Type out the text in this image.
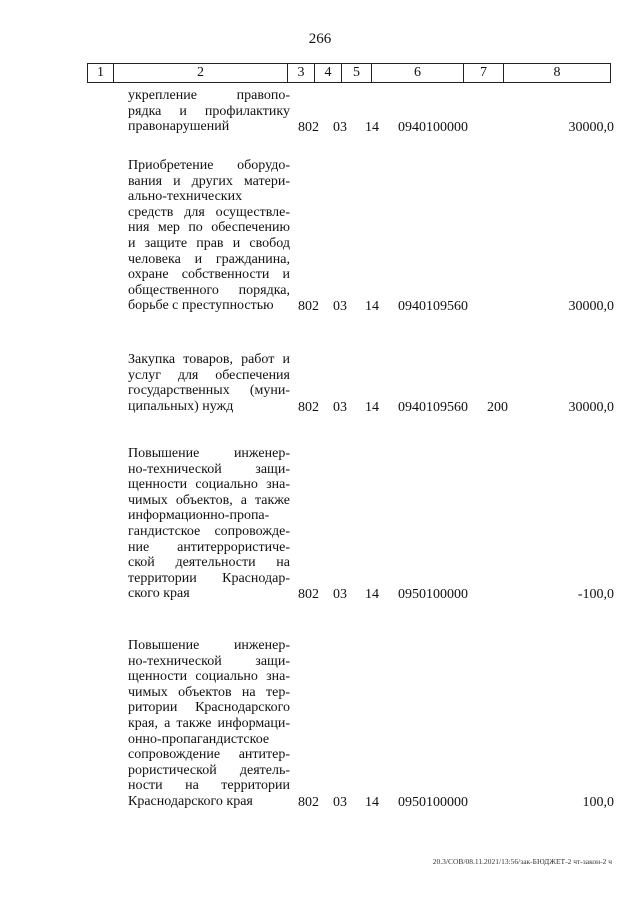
266
1	2	3	4	5	6	7	8
укрепление правопо-
рядка и профилактику
правонарушений	802 03 14 0940100000	30000,0
Приобретение оборудо-
вания и других матери-
ально-технических
средств для осуществле-
ния мер по обеспечению
и защите прав и свобод
человека и гражданина,
охране собственности и
общественного порядка,
борьбе с преступностью	802 03 14 0940109560	30000,0
Закупка товаров, работ и
услуг для обеспечения
государственных (муни-
ципальных) нужд	802 03 14 0940109560 200	30000,0
Повышение инженер-
но-технической защи-
щенности социально зна-
чимых объектов, а также
информационно-пропа-
гандистское сопровожде-
ние антитеррористиче-
ской деятельности на
территории Краснодар-
ского края	802 03 14 0950100000	-100,0
Повышение инженер-
но-технической защи-
щенности социально зна-
чимых объектов на тер-
ритории Краснодарского
края, а также информаци-
онно-пропагандистское
сопровождение антитер-
рористической деятель-
ности на территории
Краснодарского края	802 03 14 0950100000	100,0
20.3/СОВ/08.11.2021/13:56/зак-БЮДЖЕТ-2 чт-закон-2 ч
